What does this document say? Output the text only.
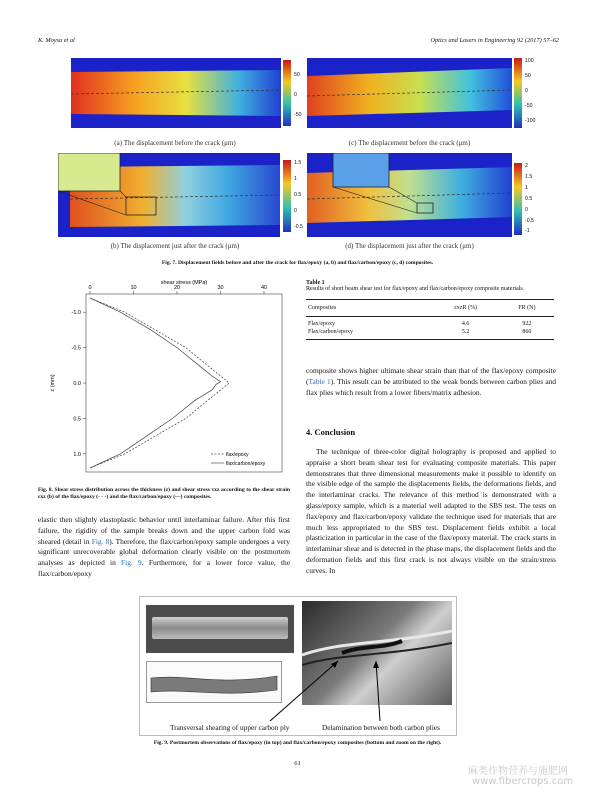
K. Moysa et al	Optics and Lasers in Engineering 92 (2017) 57–62
50
0
-50
(a) The displacement before the crack (μm)
100
50
0
-50
-100
(c) The displacement before the crack (μm)
1.5
1
0.5
0
-0.5
(b) The displacement just after the crack (μm)
2
1.5
1
0.5
0
-0.5
-1
(d) The displacement just after the crack (μm)
Fig. 7. Displacement fields before and after the crack for flax/epoxy (a, b) and flax/carbon/epoxy (c, d) composites.
shear stress (MPa)
z (mm)
0	10	20	30	40
-1.0
-0.5
0.0
0.5
1.0	flax/epoxy
flax/carbon/epoxy
Fig. 8. Shear stress distribution across the thickness (z) and shear stress τxz according to the shear strain εxz (b) of the flax/epoxy (- - -) and the flax/carbon/epoxy (—) composites.
elastic then slightly elastoplastic behavior until interlaminar failure. After this first failure, the rigidity of the sample breaks down and the upper carbon fold was sheared (detail in Fig. 8). Therefore, the flax/carbon/epoxy sample undergoes a very significant unrecoverable global deformation clearly visible on the postmortem analyses as depicted in Fig. 9. Furthermore, for a lower force value, the flax/carbon/epoxy
Table 1
Results of short beam shear test for flax/epoxy and flax/carbon/epoxy composite materials.
Composites	εxzR (%)	FR (N)
Flax/epoxy	4.6	922
Flax/carbon/epoxy	5.2	860
composite shows higher ultimate shear strain than that of the flax/epoxy composite (Table 1). This result can be attributed to the weak bonds between carbon plies and flax plies which result from a lower fibers/matrix adhesion.
4. Conclusion
The technique of three-color digital holography is proposed and applied to appraise a short beam shear test for evaluating composite materials. This paper demonstrates that three dimensional measurements make it possible to identify on the visible edge of the sample the displacements fields, the deformations fields, and the interlaminar cracks. The relevance of this method is demonstrated with a glass/epoxy sample, which is a material well adapted to the SBS test. The tests on flax/epoxy and flax/carbon/epoxy validate the technique used for materials that are much less appropriated to the SBS test. Displacement fields exhibit a local plasticization in particular in the case of the flax/epoxy material. The crack starts in interlaminar shear and is detected in the phase maps, the displacement fields and the deformation fields and this first crack is not always visible on the strain/stress curves. In
Transversal shearing of upper carbon ply	Delamination between both carbon plies
Fig. 9. Postmortem observations of flax/epoxy (in top) and flax/carbon/epoxy composites (bottom and zoom on the right).
61
麻类作物营养与施肥网
www.fibercrops.com
